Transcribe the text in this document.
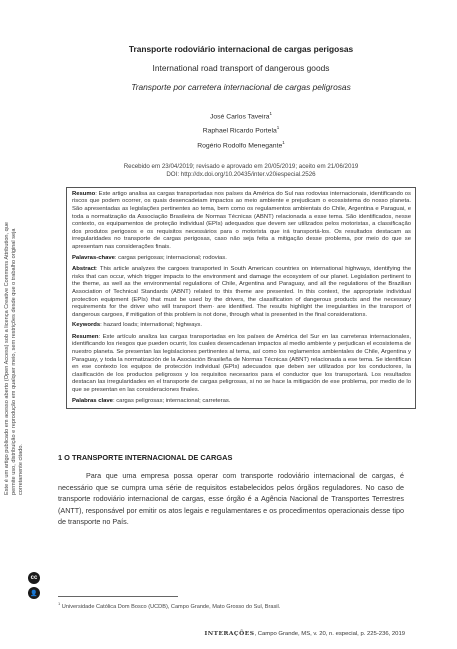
Este é um artigo publicado em acesso aberto (Open Access) sob a licença Creative Commons Attribution, que permite uso, distribuição e reprodução em qualquer meio, sem restrições desde que o trabalho original seja corretamente citado.
cc
👤
Transporte rodoviário internacional de cargas perigosas
International road transport of dangerous goods
Transporte por carretera internacional de cargas peligrosas
José Carlos Taveira$^1$
Raphael Ricardo Portela$^1$
Rogério Rodolfo Menegante$^1$
Recebido em 23/04/2019; revisado e aprovado em 20/05/2019; aceito em 21/06/2019
DOI: http://dx.doi.org/10.20435/inter.v20iespecial.2526

Resumo: Este artigo analisa as cargas transportadas nos países da América do Sul nas rodovias internacionais, identificando os riscos que podem ocorrer, os quais desencadeiam impactos ao meio ambiente e prejudicam o ecossistema do nosso planeta. São apresentadas as legislações pertinentes ao tema, bem como os regulamentos ambientais do Chile, Argentina e Paraguai, e toda a normatização da Associação Brasileira de Normas Técnicas (ABNT) relacionada a esse tema. São identificados, nesse contexto, os equipamentos de proteção individual (EPIs) adequados que devem ser utilizados pelos motoristas, a classificação dos produtos perigosos e os requisitos necessários para o motorista que irá transportá-los. Os resultados destacam as irregularidades no transporte de cargas perigosas, caso não seja feita a mitigação desse problema, por meio do que se apresentam nas considerações finais.

Palavras-chave: cargas perigosas; internacional; rodovias.

Abstract: This article analyzes the cargoes transported in South American countries on international highways, identifying the risks that can occur, which trigger impacts to the environment and damage the ecosystem of our planet. Legislation pertinent to the theme, as well as the environmental regulations of Chile, Argentina and Paraguay, and all the regulations of the Brazilian Association of Technical Standards (ABNT) related to this theme are presented. In this context, the appropriate individual protection equipment (EPIs) that must be used by the drivers, the classification of dangerous products and the necessary requirements for the driver who will transport them· are identified. The results highlight the irregularities in the transport of dangerous cargoes, if mitigation of this problem is not done, through what is presented in the final considerations.

Keywords: hazard loads; international; highways.

Resumen: Este artículo analiza las cargas transportadas en los países de América del Sur en las carreteras internacionales, identificando los riesgos que pueden ocurrir, los cuales desencadenan impactos al medio ambiente y perjudican el ecosistema de nuestro planeta. Se presentan las legislaciones pertinentes al tema, así como los reglamentos ambientales de Chile, Argentina y Paraguay, y toda la normatización de la Asociación Brasileña de Normas Técnicas (ABNT) relacionada a ese tema. Se identifican en ese contexto los equipos de protección individual (EPIs) adecuados que deben ser utilizados por los conductores, la clasificación de los productos peligrosos y los requisitos necesarios para el conductor que los transportará. Los resultados destacan las irregularidades en el transporte de cargas peligrosas, si no se hace la mitigación de ese problema, por medio de lo que se presentan en las consideraciones finales.

Palabras clave: cargas peligrosas; internacional; carreteras.

1 O TRANSPORTE INTERNACIONAL DE CARGAS

Para que uma empresa possa operar com transporte rodoviário internacional de cargas, é necessário que se cumpra uma série de requisitos estabelecidos pelos órgãos reguladores. No caso de transporte rodoviário internacional de cargas, esse órgão é a Agência Nacional de Transportes Terrestres (ANTT), responsável por emitir os atos legais e regulamentares e os procedimentos operacionais desse tipo de transporte no País.

$^1$ Universidade Católica Dom Bosco (UCDB), Campo Grande, Mato Grosso do Sul, Brasil.
INTERAÇÕES, Campo Grande, MS, v. 20, n. especial, p. 225-236, 2019
